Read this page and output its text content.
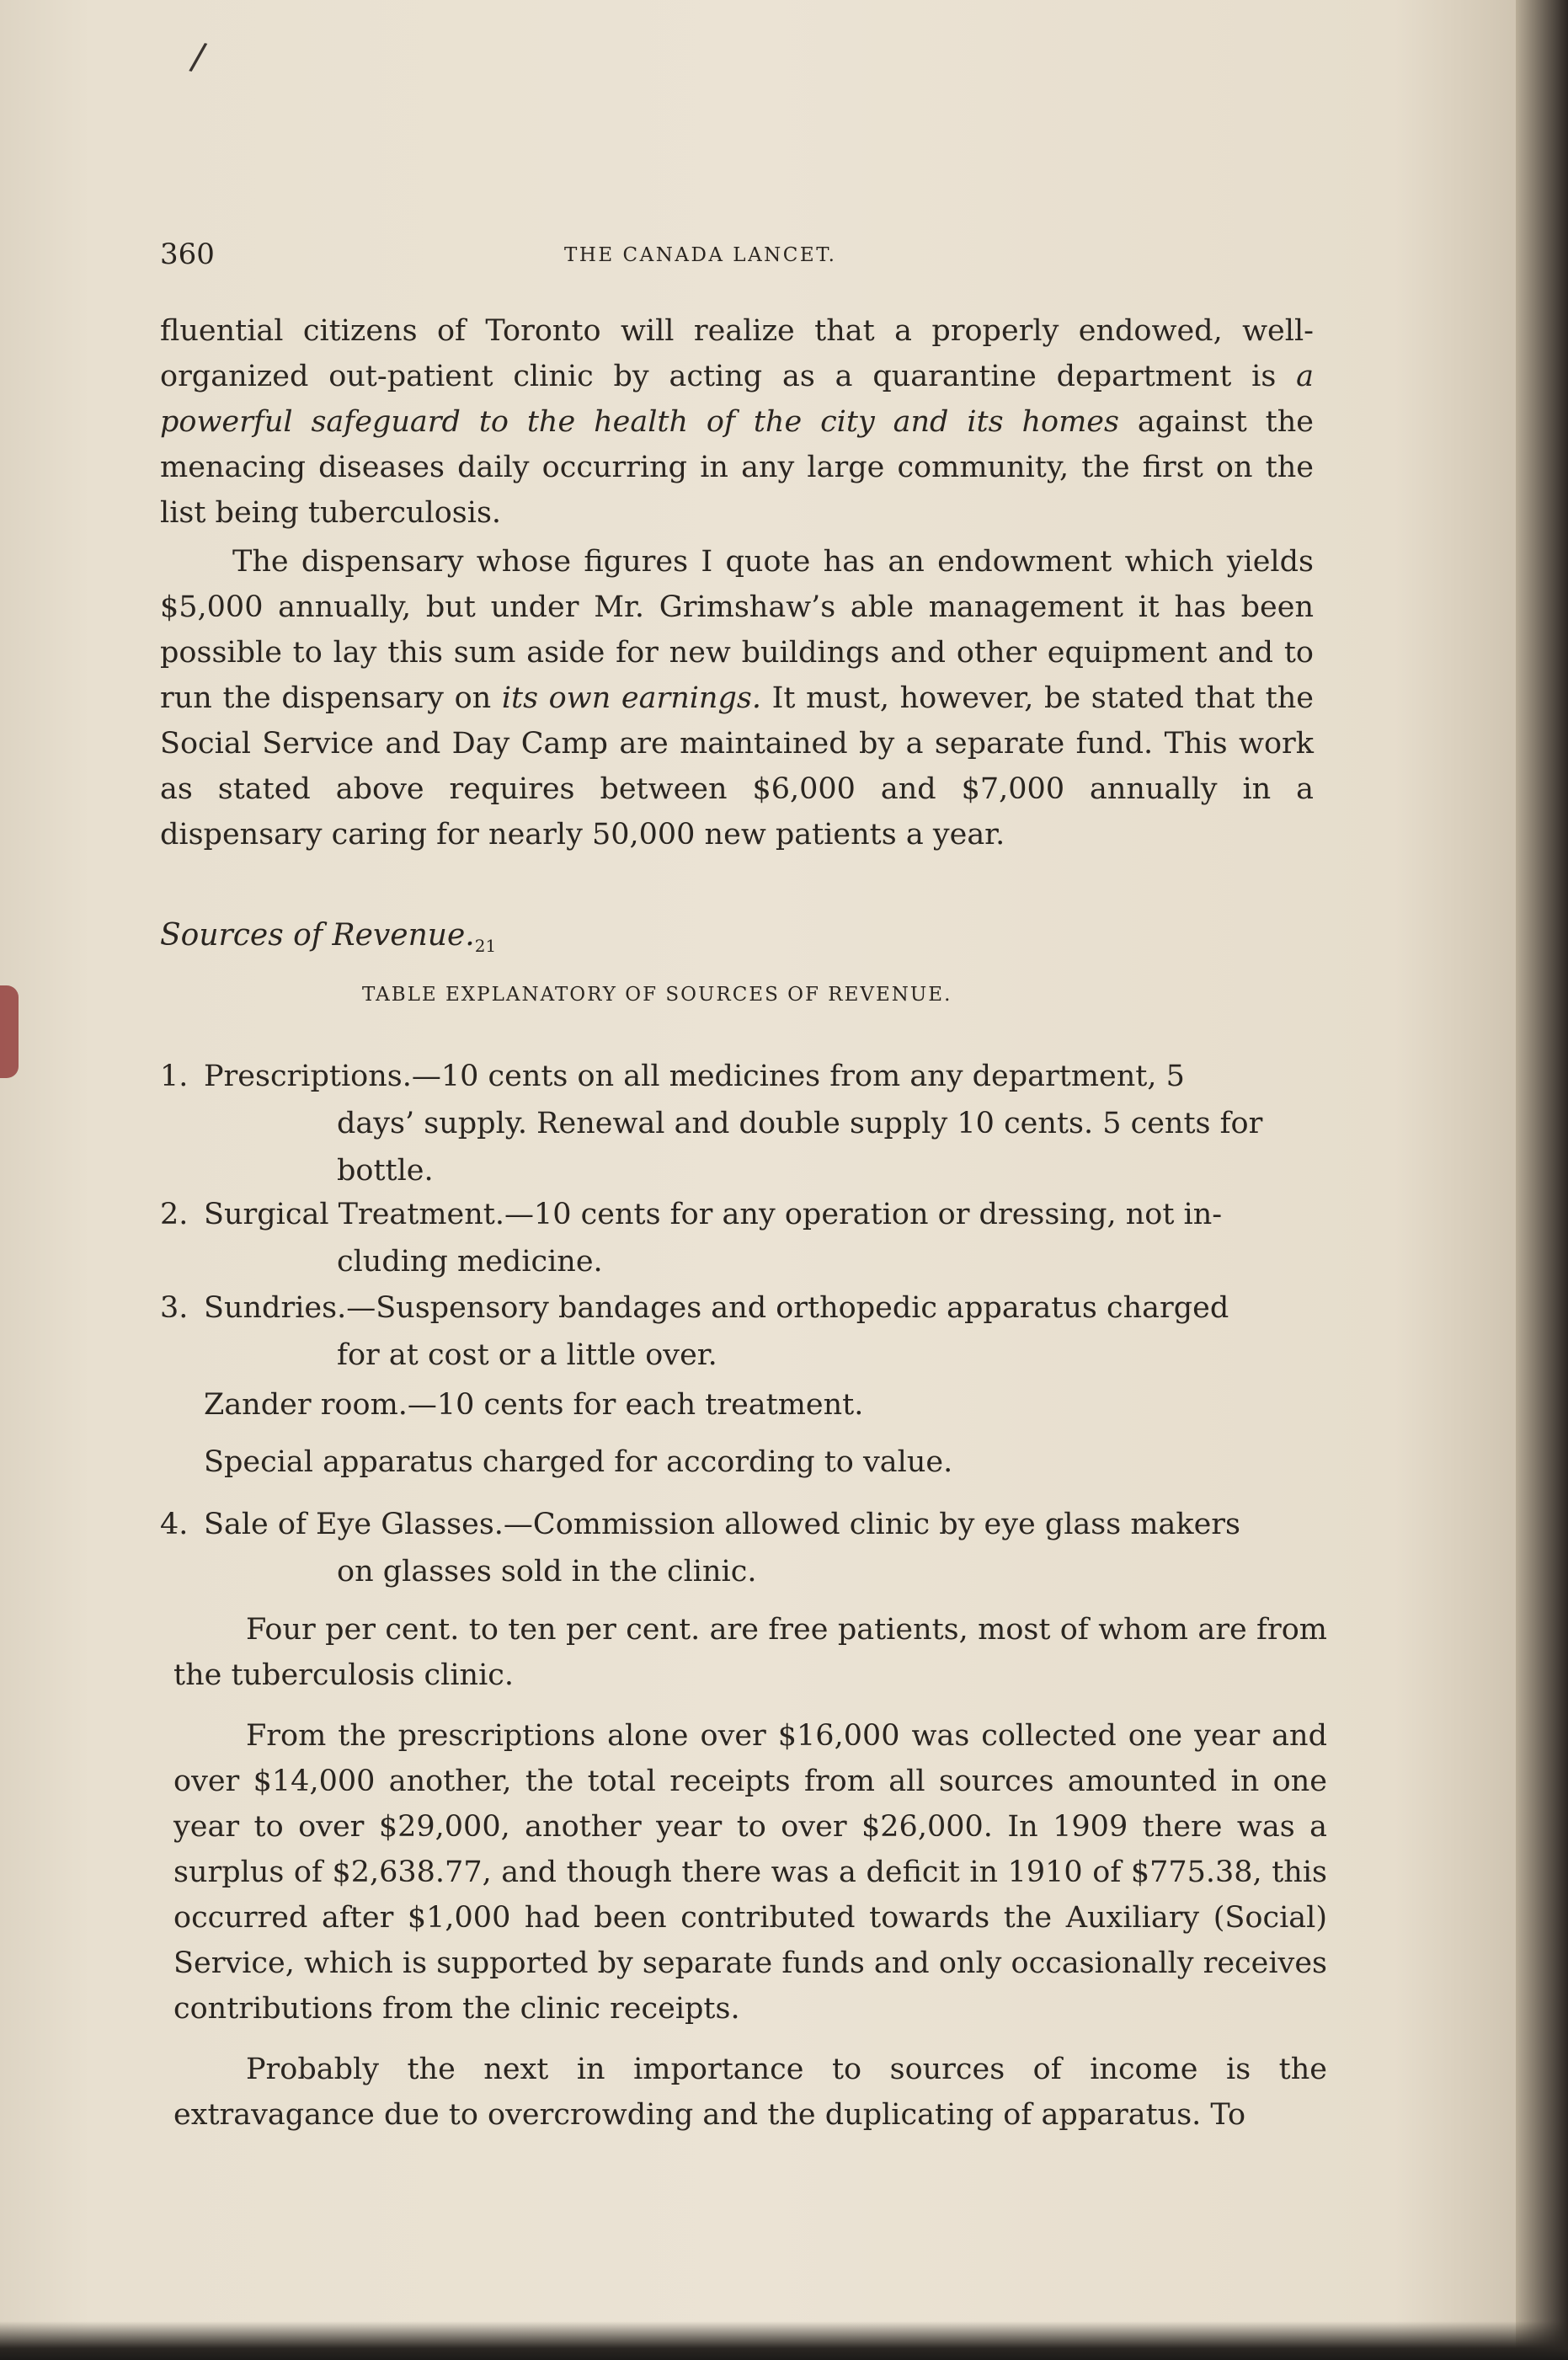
/
360	THE CANADA LANCET.

fluential citizens of Toronto will realize that a properly endowed, well-organized out-patient clinic by acting as a quarantine department is a powerful safeguard to the health of the city and its homes against the menacing diseases daily occurring in any large community, the first on the list being tuberculosis.

The dispensary whose figures I quote has an endowment which yields $5,000 annually, but under Mr. Grimshaw’s able management it has been possible to lay this sum aside for new buildings and other equipment and to run the dispensary on its own earnings. It must, however, be stated that the Social Service and Day Camp are maintained by a separate fund. This work as stated above requires between $6,000 and $7,000 annually in a dispensary caring for nearly 50,000 new patients a year.

Sources of $Revenue._{21}$
TABLE EXPLANATORY OF SOURCES OF REVENUE.
1. Prescriptions.—10 cents on all medicines from any department, 5
days’ supply. Renewal and double supply 10 cents. 5 cents for bottle.
2. Surgical Treatment.—10 cents for any operation or dressing, not in-
cluding medicine.
3. Sundries.—Suspensory bandages and orthopedic apparatus charged
for at cost or a little over.
Zander room.—10 cents for each treatment.
Special apparatus charged for according to value.
4. Sale of Eye Glasses.—Commission allowed clinic by eye glass makers
on glasses sold in the clinic.

Four per cent. to ten per cent. are free patients, most of whom are from the tuberculosis clinic.

From the prescriptions alone over $16,000 was collected one year and over $14,000 another, the total receipts from all sources amounted in one year to over $29,000, another year to over $26,000. In 1909 there was a surplus of $2,638.77, and though there was a deficit in 1910 of $775.38, this occurred after $1,000 had been contributed towards the Auxiliary (Social) Service, which is supported by separate funds and only occasionally receives contributions from the clinic receipts.

Probably the next in importance to sources of income is the extravagance due to overcrowding and the duplicating of apparatus. To
